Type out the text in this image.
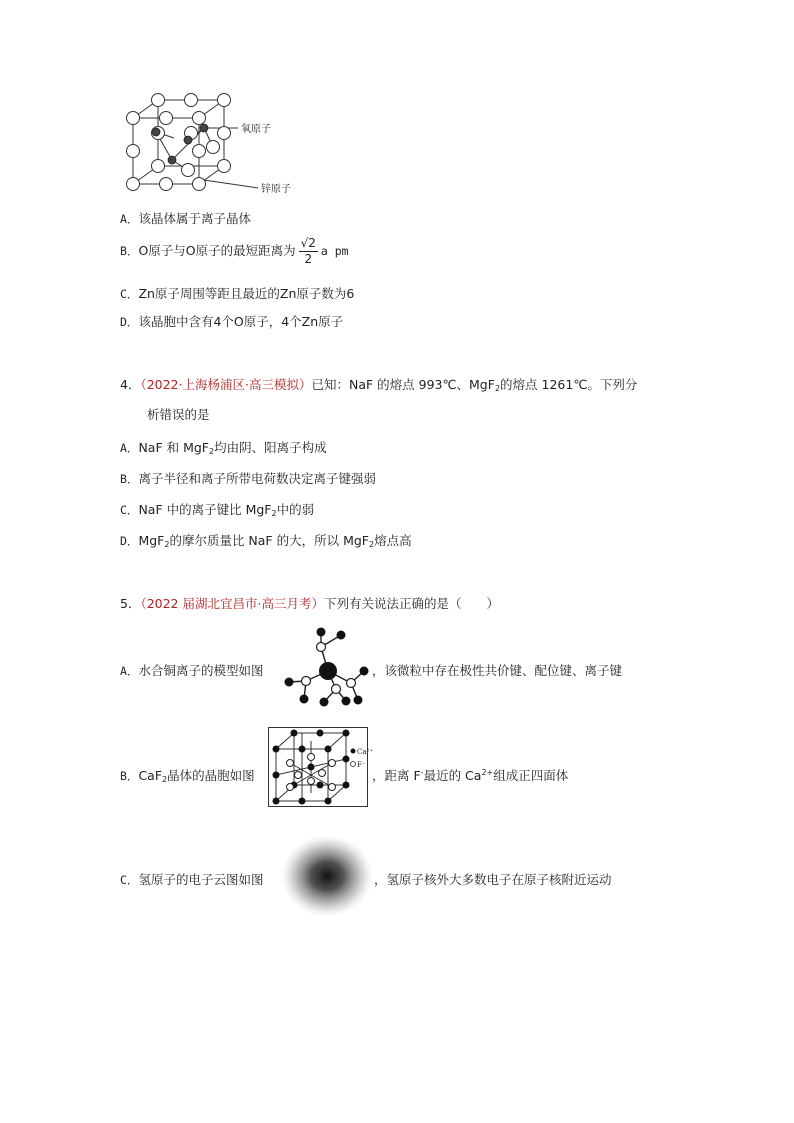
氧原子
锌原子
A．该晶体属于离子晶体
B．O原子与O原子的最短距离为 $\frac{√2}{2}$ a pm
C．Zn原子周围等距且最近的Zn原子数为6
D．该晶胞中含有4个O原子，4个Zn原子
4．（2022·上海杨浦区·高三模拟）已知：NaF 的熔点 993℃、MgF$_2$的熔点 1261℃。下列分
析错误的是
A．NaF 和 MgF$_2$均由阴、阳离子构成
B．离子半径和离子所带电荷数决定离子键强弱
C．NaF 中的离子键比 MgF$_2$中的弱
D．MgF$_2$的摩尔质量比 NaF 的大，所以 MgF$_2$熔点高
5．（2022 届湖北宜昌市·高三月考）下列有关说法正确的是（　　）
A．水合铜离子的模型如图	，该微粒中存在极性共价键、配位键、离子键
B．CaF$_2$晶体的晶胞如图
Ca²⁺
F⁻
，距离 F-最近的 $Ca^{2+}$组成正四面体
C．氢原子的电子云图如图	，氢原子核外大多数电子在原子核附近运动
